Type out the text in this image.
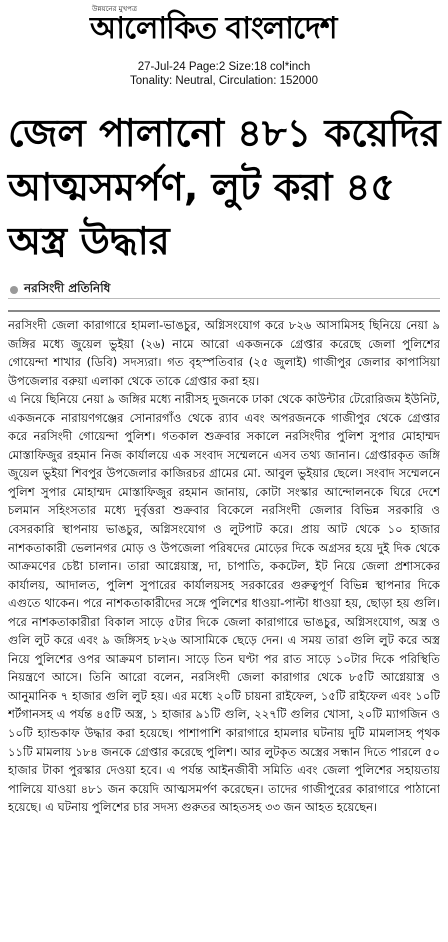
উন্নয়নের মুখপত্র
আলোকিত বাংলাদেশ
27-Jul-24 Page:2 Size:18 col*inch
Tonality: Neutral, Circulation: 152000
জেল পালানো ৪৮১ কয়েদির আত্মসমর্পণ, লুট করা ৪৫ অস্ত্র উদ্ধার
নরসিংদী প্রতিনিধি

নরসিংদী জেলা কারাগারে হামলা-ভাঙচুর, অগ্নিসংযোগ করে ৮২৬ আসামিসহ ছিনিয়ে নেয়া ৯ জঙ্গির মধ্যে জুয়েল ভুইয়া (২৬) নামে আরো একজনকে গ্রেপ্তার করেছে জেলা পুলিশের গোয়েন্দা শাখার (ডিবি) সদস্যরা। গত বৃহস্পতিবার (২৫ জুলাই) গাজীপুর জেলার কাপাসিয়া উপজেলার বরুয়া এলাকা থেকে তাকে গ্রেপ্তার করা হয়।

এ নিয়ে ছিনিয়ে নেয়া ৯ জঙ্গির মধ্যে নারীসহ দুজনকে ঢাকা থেকে কাউন্টার টেরোরিজম ইউনিট, একজনকে নারায়ণগঞ্জের সোনারগাঁও থেকে র‍্যাব এবং অপরজনকে গাজীপুর থেকে গ্রেপ্তার করে নরসিংদী গোয়েন্দা পুলিশ। গতকাল শুক্রবার সকালে নরসিংদীর পুলিশ সুপার মোহাম্মদ মোস্তাফিজুর রহমান নিজ কার্যালয়ে এক সংবাদ সম্মেলনে এসব তথ্য জানান। গ্রেপ্তারকৃত জঙ্গি জুয়েল ভুইয়া শিবপুর উপজেলার কাজিরচর গ্রামের মো. আবুল ভুইয়ার ছেলে। সংবাদ সম্মেলনে পুলিশ সুপার মোহাম্মদ মোস্তাফিজুর রহমান জানায়, কোটা সংস্কার আন্দোলনকে ঘিরে দেশে চলমান সহিংসতার মধ্যে দুর্বৃত্তরা শুক্রবার বিকেলে নরসিংদী জেলার বিভিন্ন সরকারি ও বেসরকারি স্থাপনায় ভাঙচুর, অগ্নিসংযোগ ও লুটপাট করে। প্রায় আট থেকে ১০ হাজার নাশকতাকারী ভেলানগর মোড় ও উপজেলা পরিষদের মোড়ের দিকে অগ্রসর হয়ে দুই দিক থেকে আক্রমণের চেষ্টা চালান। তারা আগ্নেয়াস্ত্র, দা, চাপাতি, ককটেল, ইট নিয়ে জেলা প্রশাসকের কার্যালয়, আদালত, পুলিশ সুপারের কার্যালয়সহ সরকারের গুরুত্বপূর্ণ বিভিন্ন স্থাপনার দিকে এগুতে থাকেন। পরে নাশকতাকারীদের সঙ্গে পুলিশের ধাওয়া-পাল্টা ধাওয়া হয়, ছোড়া হয় গুলি। পরে নাশকতাকারীরা বিকাল সাড়ে ৫টার দিকে জেলা কারাগারে ভাঙচুর, অগ্নিসংযোগ, অস্ত্র ও গুলি লুট করে এবং ৯ জঙ্গিসহ ৮২৬ আসামিকে ছেড়ে দেন। এ সময় তারা গুলি লুট করে অস্ত্র নিয়ে পুলিশের ওপর আক্রমণ চালান। সাড়ে তিন ঘণ্টা পর রাত সাড়ে ১০টার দিকে পরিস্থিতি নিয়ন্ত্রণে আসে। তিনি আরো বলেন, নরসিংদী জেলা কারাগার থেকে ৮৫টি আগ্নেয়াস্ত্র ও আনুমানিক ৭ হাজার গুলি লুট হয়। এর মধ্যে ২০টি চায়না রাইফেল, ১৫টি রাইফেল এবং ১০টি শর্টগানসহ এ পর্যন্ত ৪৫টি অস্ত্র, ১ হাজার ৯১টি গুলি, ২২৭টি গুলির খোসা, ২০টি ম্যাগজিন ও ১০টি হ্যান্ডকাফ উদ্ধার করা হয়েছে। পাশাপাশি কারাগারে হামলার ঘটনায় দুটি মামলাসহ পৃথক ১১টি মামলায় ১৮৪ জনকে গ্রেপ্তার করেছে পুলিশ। আর লুটকৃত অস্ত্রের সন্ধান দিতে পারলে ৫০ হাজার টাকা পুরস্কার দেওয়া হবে। এ পর্যন্ত আইনজীবী সমিতি এবং জেলা পুলিশের সহায়তায় পালিয়ে যাওয়া ৪৮১ জন কয়েদি আত্মসমর্পণ করেছেন। তাদের গাজীপুরের কারাগারে পাঠানো হয়েছে। এ ঘটনায় পুলিশের চার সদস্য গুরুতর আহতসহ ৩৩ জন আহত হয়েছেন।
